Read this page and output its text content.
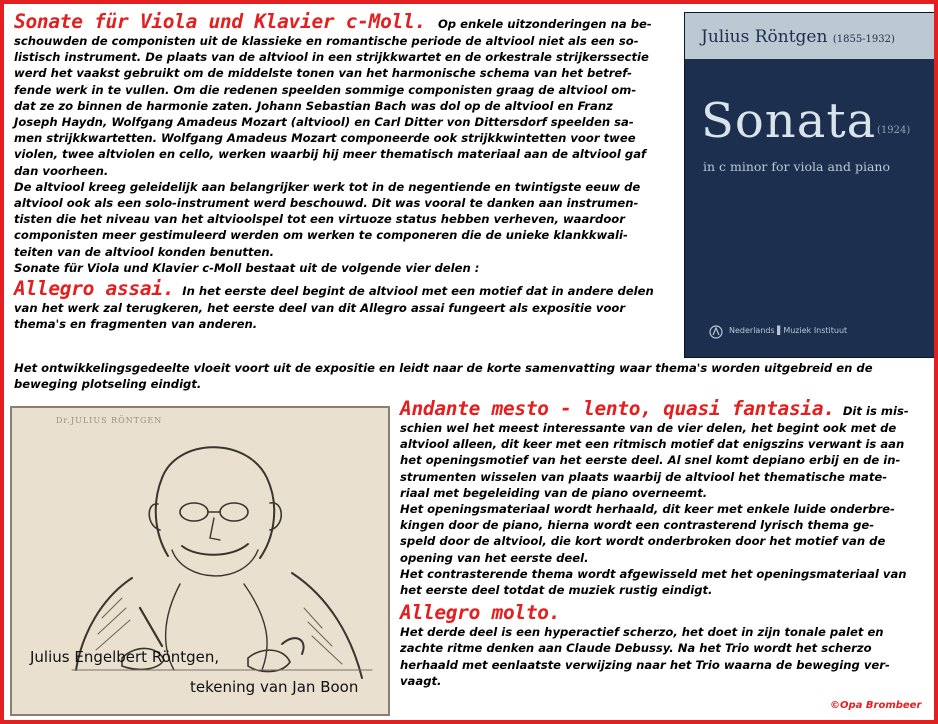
Sonate für Viola und Klavier c-Moll. Op enkele uitzonderingen na be-

schouwden de componisten uit de klassieke en romantische periode de altviool niet als een so-

listisch instrument. De plaats van de altviool in een strijkkwartet en de orkestrale strijkerssectie

werd het vaakst gebruikt om de middelste tonen van het harmonische schema van het betref-

fende werk in te vullen. Om die redenen speelden sommige componisten graag de altviool om-

dat ze zo binnen de harmonie zaten. Johann Sebastian Bach was dol op de altviool en Franz

Joseph Haydn, Wolfgang Amadeus Mozart (altviool) en Carl Ditter von Dittersdorf speelden sa-

men strijkkwartetten. Wolfgang Amadeus Mozart componeerde ook strijkkwintetten voor twee

violen, twee altviolen en cello, werken waarbij hij meer thematisch materiaal aan de altviool gaf

dan voorheen.

De altviool kreeg geleidelijk aan belangrijker werk tot in de negentiende en twintigste eeuw de

altviool ook als een solo-instrument werd beschouwd. Dit was vooral te danken aan instrumen-

tisten die het niveau van het altvioolspel tot een virtuoze status hebben verheven, waardoor

componisten meer gestimuleerd werden om werken te componeren die de unieke klankkwali-

teiten van de altviool konden benutten.

Sonate für Viola und Klavier c-Moll bestaat uit de volgende vier delen :

Allegro assai. In het eerste deel begint de altviool met een motief dat in andere delen

van het werk zal terugkeren, het eerste deel van dit Allegro assai fungeert als expositie voor

thema's en fragmenten van anderen.

Het ontwikkelingsgedeelte vloeit voort uit de expositie en leidt naar de korte samenvatting waar thema's worden uitgebreid en de

beweging plotseling eindigt.

Julius Röntgen (1855-1932)
Sonata (1924)
in c minor for viola and piano
Nederlands ▌Muziek Instituut
Dr.JULIUS RÖNTGEN
Julius Engelbert Röntgen,
tekening van Jan Boon

Andante mesto - lento, quasi fantasia. Dit is mis-

schien wel het meest interessante van de vier delen, het begint ook met de

altviool alleen, dit keer met een ritmisch motief dat enigszins verwant is aan

het openingsmotief van het eerste deel. Al snel komt depiano erbij en de in-

strumenten wisselen van plaats waarbij de altviool het thematische mate-

riaal met begeleiding van de piano overneemt.

Het openingsmateriaal wordt herhaald, dit keer met enkele luide onderbre-

kingen door de piano, hierna wordt een contrasterend lyrisch thema ge-

speld door de altviool, die kort wordt onderbroken door het motief van de

opening van het eerste deel.

Het contrasterende thema wordt afgewisseld met het openingsmateriaal van

het eerste deel totdat de muziek rustig eindigt.

Allegro molto.

Het derde deel is een hyperactief scherzo, het doet in zijn tonale palet en

zachte ritme denken aan Claude Debussy. Na het Trio wordt het scherzo

herhaald met eenlaatste verwijzing naar het Trio waarna de beweging ver-

vaagt.

©Opa Brombeer
